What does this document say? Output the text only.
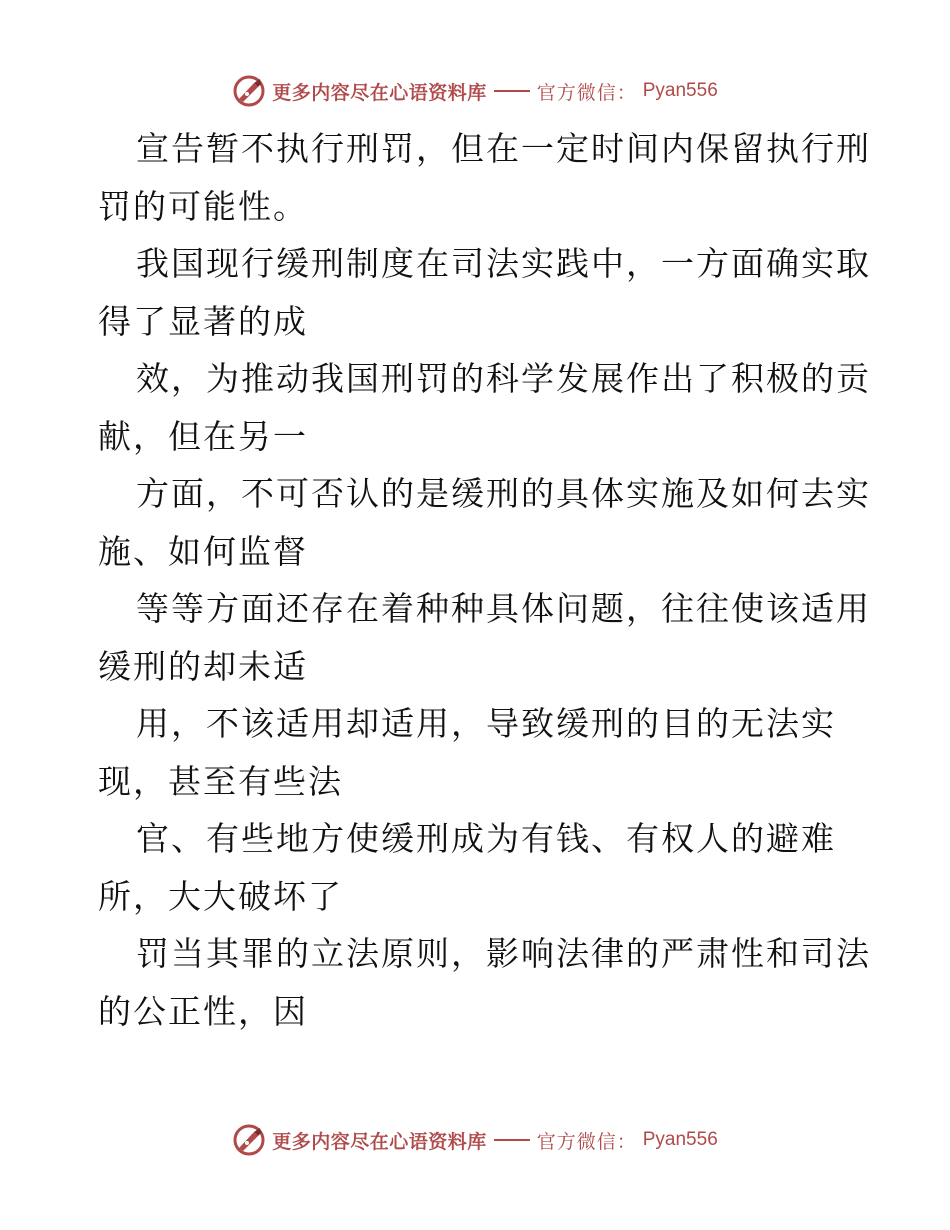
更多内容尽在心语资料库	官方微信： Pyan556
宣告暂不执行刑罚，但在一定时间内保留执行刑
罚的可能性。
我国现行缓刑制度在司法实践中，一方面确实取
得了显著的成
效，为推动我国刑罚的科学发展作出了积极的贡
献，但在另一
方面，不可否认的是缓刑的具体实施及如何去实
施、如何监督
等等方面还存在着种种具体问题，往往使该适用
缓刑的却未适
用，不该适用却适用，导致缓刑的目的无法实
现，甚至有些法
官、有些地方使缓刑成为有钱、有权人的避难
所，大大破坏了
罚当其罪的立法原则，影响法律的严肃性和司法
的公正性，因
更多内容尽在心语资料库	官方微信： Pyan556
